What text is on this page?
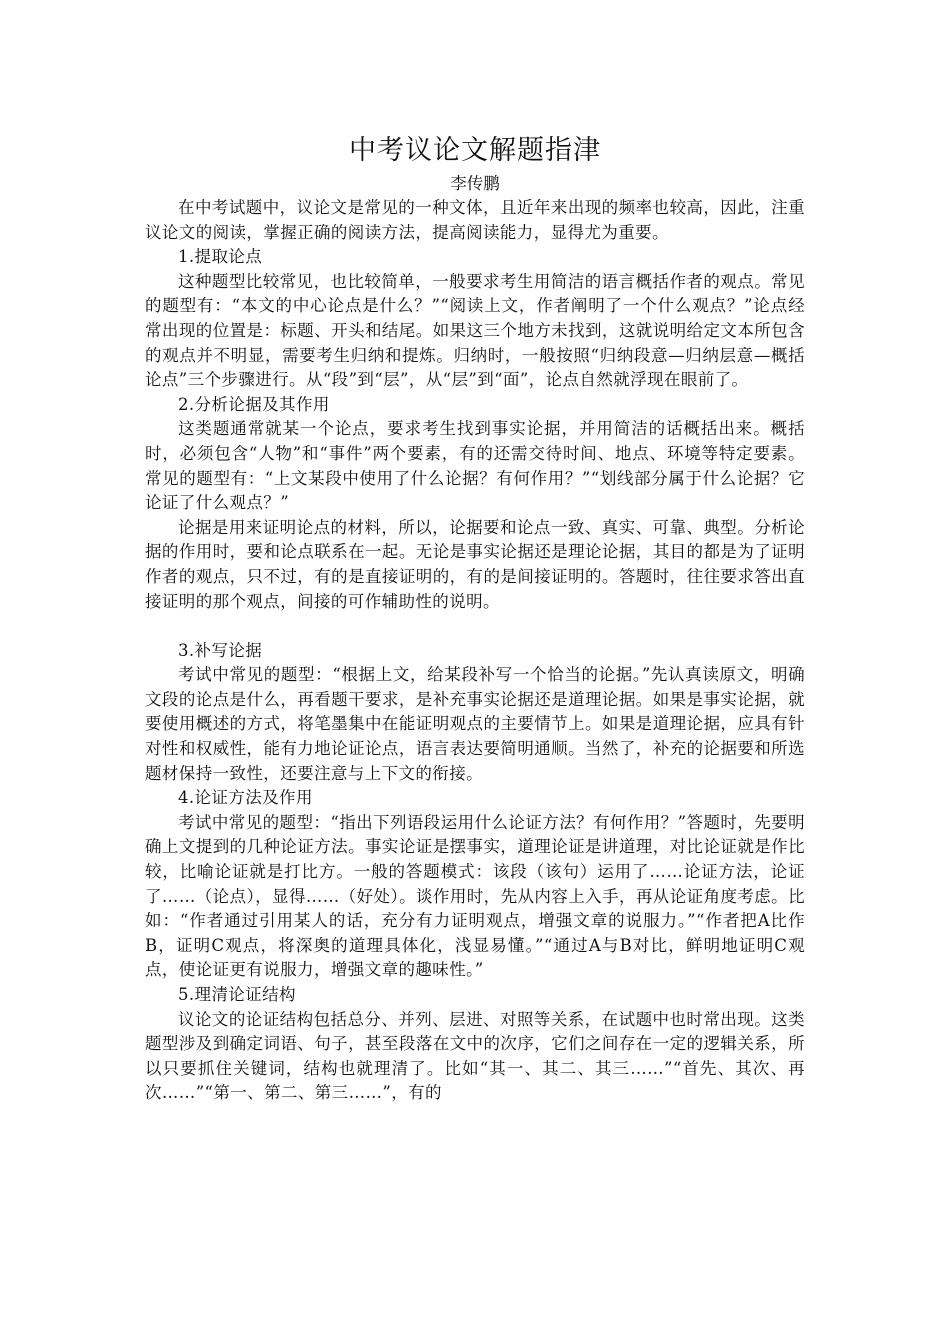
中考议论文解题指津
李传鹏

在中考试题中，议论文是常见的一种文体，且近年来出现的频率也较高，因此，注重议论文的阅读，掌握正确的阅读方法，提高阅读能力，显得尤为重要。

1.提取论点

这种题型比较常见，也比较简单，一般要求考生用简洁的语言概括作者的观点。常见的题型有：“本文的中心论点是什么？”“阅读上文，作者阐明了一个什么观点？”论点经常出现的位置是：标题、开头和结尾。如果这三个地方未找到，这就说明给定文本所包含的观点并不明显，需要考生归纳和提炼。归纳时，一般按照“归纳段意—归纳层意—概括论点”三个步骤进行。从“段”到“层”，从“层”到“面”，论点自然就浮现在眼前了。

2.分析论据及其作用

这类题通常就某一个论点，要求考生找到事实论据，并用简洁的话概括出来。概括时，必须包含“人物”和“事件”两个要素，有的还需交待时间、地点、环境等特定要素。常见的题型有：“上文某段中使用了什么论据？有何作用？”“划线部分属于什么论据？它论证了什么观点？”

论据是用来证明论点的材料，所以，论据要和论点一致、真实、可靠、典型。分析论据的作用时，要和论点联系在一起。无论是事实论据还是理论论据，其目的都是为了证明作者的观点，只不过，有的是直接证明的，有的是间接证明的。答题时，往往要求答出直接证明的那个观点，间接的可作辅助性的说明。

3.补写论据

考试中常见的题型：“根据上文，给某段补写一个恰当的论据。”先认真读原文，明确文段的论点是什么，再看题干要求，是补充事实论据还是道理论据。如果是事实论据，就要使用概述的方式，将笔墨集中在能证明观点的主要情节上。如果是道理论据，应具有针对性和权威性，能有力地论证论点，语言表达要简明通顺。当然了，补充的论据要和所选题材保持一致性，还要注意与上下文的衔接。

4.论证方法及作用

考试中常见的题型：“指出下列语段运用什么论证方法？有何作用？”答题时，先要明确上文提到的几种论证方法。事实论证是摆事实，道理论证是讲道理，对比论证就是作比较，比喻论证就是打比方。一般的答题模式：该段（该句）运用了……论证方法，论证了……（论点），显得……（好处）。谈作用时，先从内容上入手，再从论证角度考虑。比如：“作者通过引用某人的话，充分有力证明观点，增强文章的说服力。”“作者把A比作B，证明C观点，将深奥的道理具体化，浅显易懂。”“通过A与B对比，鲜明地证明C观点，使论证更有说服力，增强文章的趣味性。”

5.理清论证结构

议论文的论证结构包括总分、并列、层进、对照等关系，在试题中也时常出现。这类题型涉及到确定词语、句子，甚至段落在文中的次序，它们之间存在一定的逻辑关系，所以只要抓住关键词，结构也就理清了。比如“其一、其二、其三……”“首先、其次、再次……”“第一、第二、第三……”，有的
